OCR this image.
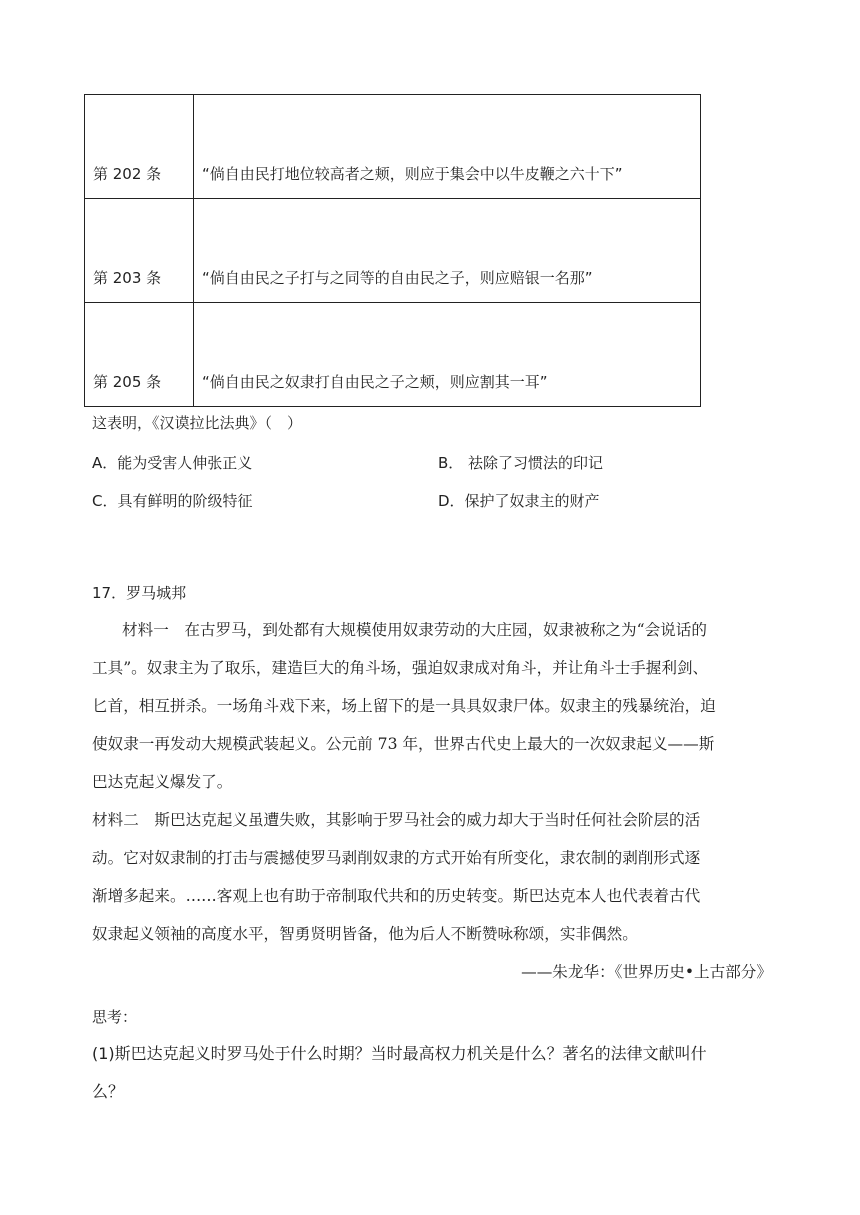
第 202 条	“倘自由民打地位较高者之颊，则应于集会中以牛皮鞭之六十下”
第 203 条	“倘自由民之子打与之同等的自由民之子，则应赔银一名那”
第 205 条	“倘自由民之奴隶打自由民之子之颊，则应割其一耳”
这表明，《汉谟拉比法典》（　）
A．能为受害人伸张正义	B． 祛除了习惯法的印记
C．具有鲜明的阶级特征	D．保护了奴隶主的财产
17．罗马城邦
材料一　在古罗马，到处都有大规模使用奴隶劳动的大庄园，奴隶被称之为“会说话的
工具”。奴隶主为了取乐，建造巨大的角斗场，强迫奴隶成对角斗，并让角斗士手握利剑、
匕首，相互拼杀。一场角斗戏下来，场上留下的是一具具奴隶尸体。奴隶主的残暴统治，迫
使奴隶一再发动大规模武装起义。公元前 73 年，世界古代史上最大的一次奴隶起义——斯
巴达克起义爆发了。
材料二　斯巴达克起义虽遭失败，其影响于罗马社会的威力却大于当时任何社会阶层的活
动。它对奴隶制的打击与震撼使罗马剥削奴隶的方式开始有所变化，隶农制的剥削形式逐
渐增多起来。……客观上也有助于帝制取代共和的历史转变。斯巴达克本人也代表着古代
奴隶起义领袖的高度水平，智勇贤明皆备，他为后人不断赞咏称颂，实非偶然。
——朱龙华：《世界历史•上古部分》
思考：
(1)斯巴达克起义时罗马处于什么时期？当时最高权力机关是什么？著名的法律文献叫什
么？
